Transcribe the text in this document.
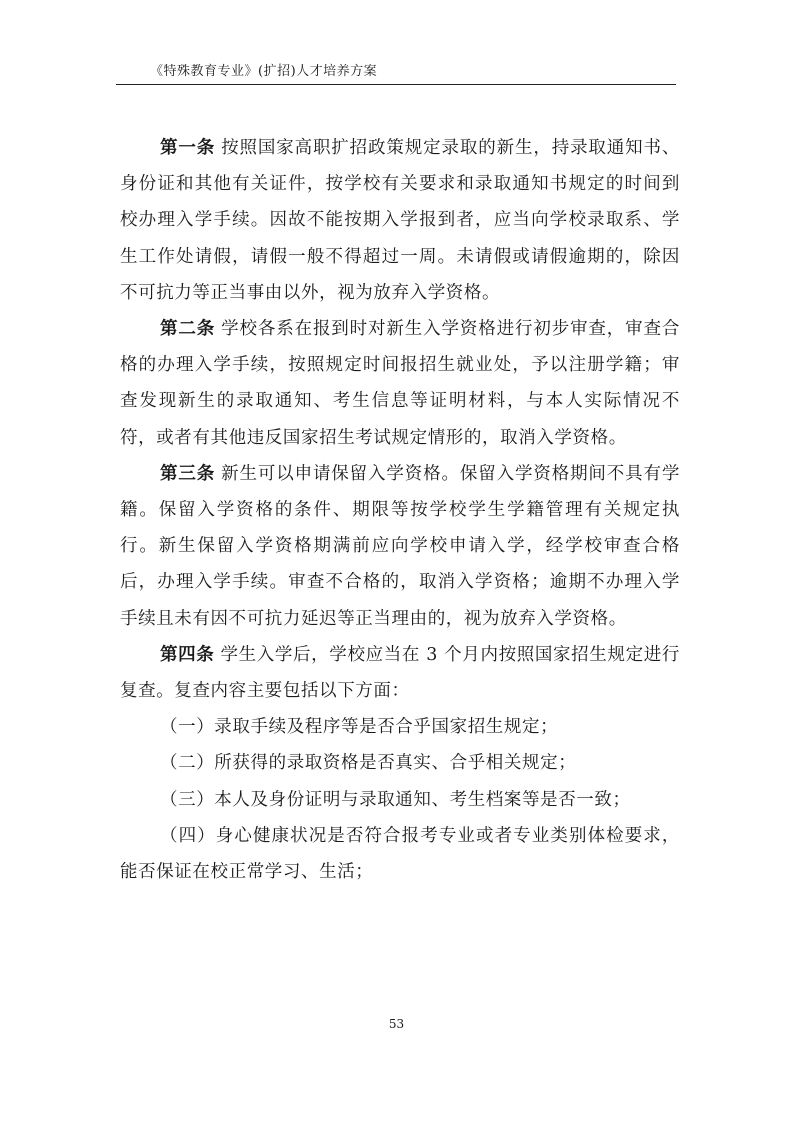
《特殊教育专业》(扩招)人才培养方案

第一条 按照国家高职扩招政策规定录取的新生，持录取通知书、身份证和其他有关证件，按学校有关要求和录取通知书规定的时间到校办理入学手续。因故不能按期入学报到者，应当向学校录取系、学生工作处请假，请假一般不得超过一周。未请假或请假逾期的，除因不可抗力等正当事由以外，视为放弃入学资格。

第二条 学校各系在报到时对新生入学资格进行初步审查，审查合格的办理入学手续，按照规定时间报招生就业处，予以注册学籍；审查发现新生的录取通知、考生信息等证明材料，与本人实际情况不符，或者有其他违反国家招生考试规定情形的，取消入学资格。

第三条 新生可以申请保留入学资格。保留入学资格期间不具有学籍。保留入学资格的条件、期限等按学校学生学籍管理有关规定执行。新生保留入学资格期满前应向学校申请入学，经学校审查合格后，办理入学手续。审查不合格的，取消入学资格；逾期不办理入学手续且未有因不可抗力延迟等正当理由的，视为放弃入学资格。

第四条 学生入学后，学校应当在 3 个月内按照国家招生规定进行复查。复查内容主要包括以下方面：

（一）录取手续及程序等是否合乎国家招生规定；

（二）所获得的录取资格是否真实、合乎相关规定；

（三）本人及身份证明与录取通知、考生档案等是否一致；

（四）身心健康状况是否符合报考专业或者专业类别体检要求，能否保证在校正常学习、生活；

53
